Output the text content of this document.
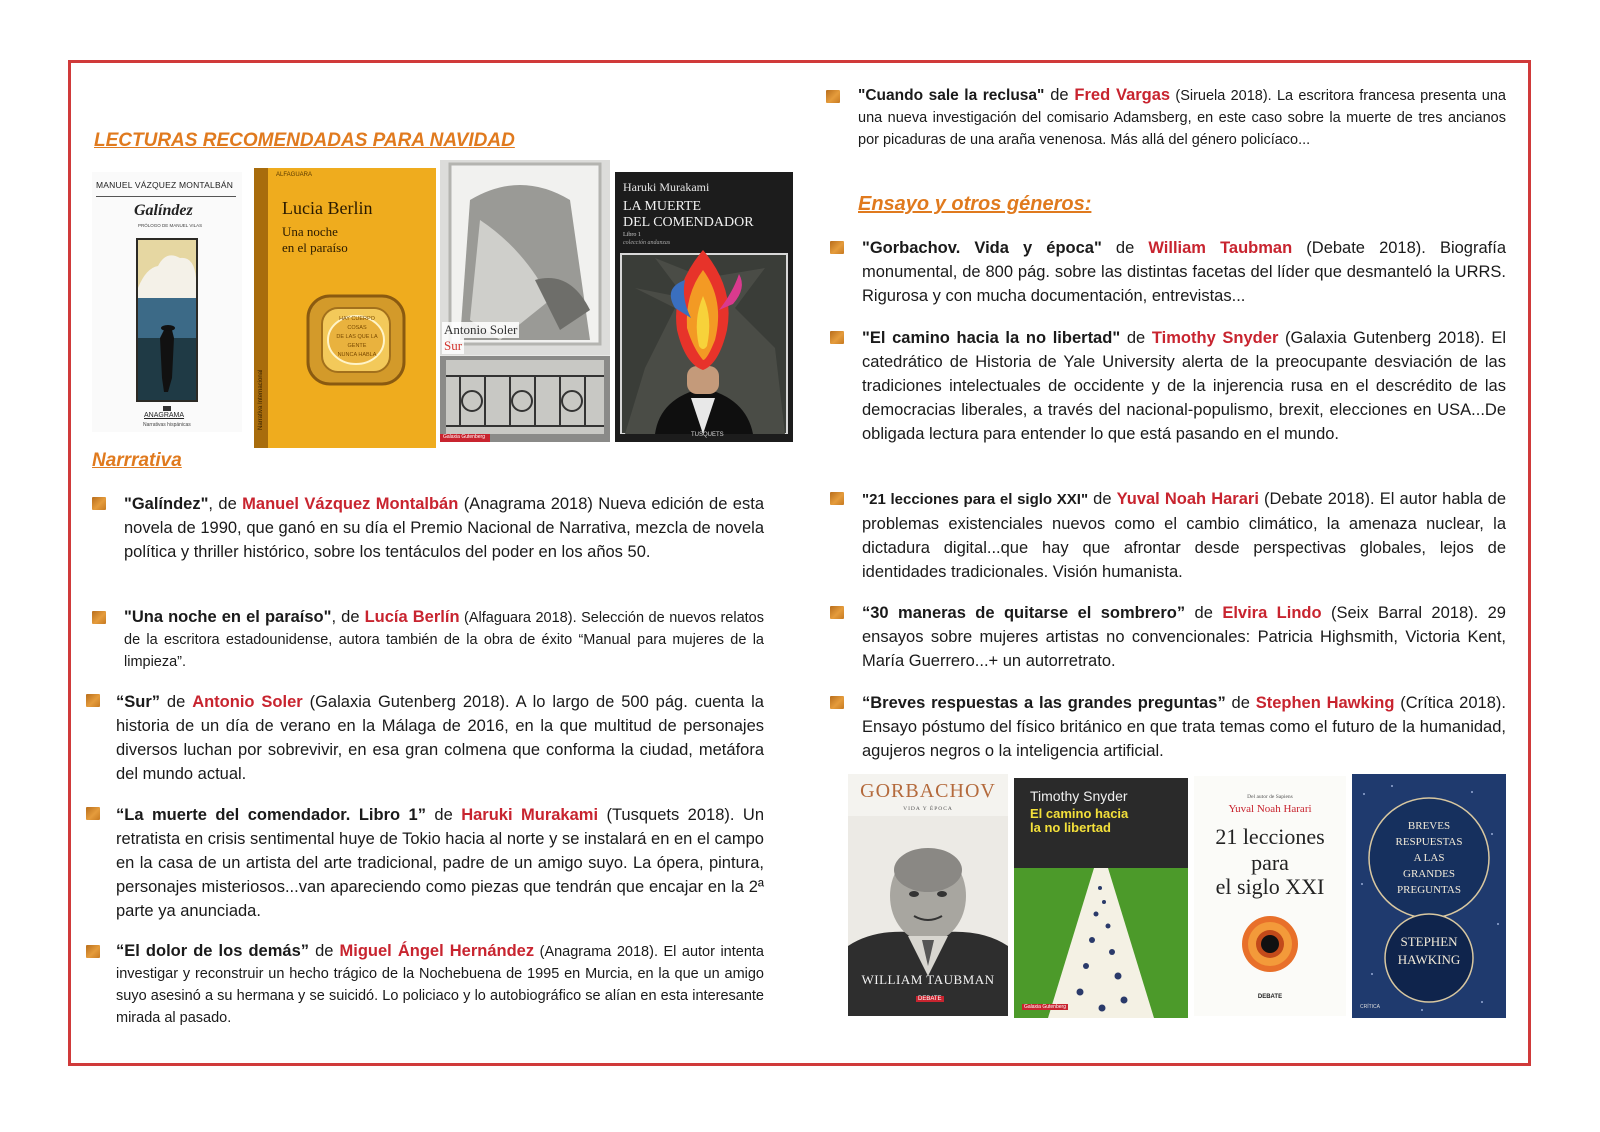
LECTURAS RECOMENDADAS PARA NAVIDAD
MANUEL VÁZQUEZ MONTALBÁN
Galíndez
PRÓLOGO DE MANUEL VILAS
ANAGRAMA
Narrativas hispánicas	Narrativa Internacional
ALFAGUARA
Lucia Berlin
Una noche
en el paraíso
HAY CUERPO
COSAS
DE LAS QUE LA
GENTE
NUNCA HABLA
Antonio Soler
Sur
Galaxia Gutenberg
Haruki Murakami
LA MUERTE
DEL COMENDADOR
Libro 1
colección andanzas
TUSQUETS
Narrrativa
"Galíndez", de Manuel Vázquez Montalbán (Anagrama 2018) Nueva edición de esta novela de 1990, que ganó en su día el Premio Nacional de Narrativa, mezcla de novela política y thriller histórico, sobre los tentáculos del poder en los años 50.
"Una noche en el paraíso", de Lucía Berlín (Alfaguara 2018). Selección de nuevos relatos de la escritora estadounidense, autora también de la obra de éxito “Manual para mujeres de la limpieza”.
“Sur” de Antonio Soler (Galaxia Gutenberg 2018). A lo largo de 500 pág. cuenta la historia de un día de verano en la Málaga de 2016, en la que multitud de personajes diversos luchan por sobrevivir, en esa gran colmena que conforma la ciudad, metáfora del mundo actual.
“La muerte del comendador. Libro 1” de Haruki Murakami (Tusquets 2018). Un retratista en crisis sentimental huye de Tokio hacia al norte y se instalará en en el campo en la casa de un artista del arte tradicional, padre de un amigo suyo. La ópera, pintura, personajes misteriosos...van apareciendo como piezas que tendrán que encajar en la 2ª parte ya anunciada.
“El dolor de los demás” de Miguel Ángel Hernández (Anagrama 2018). El autor intenta investigar y reconstruir un hecho trágico de la Nochebuena de 1995 en Murcia, en la que un amigo suyo asesinó a su hermana y se suicidó. Lo policiaco y lo autobiográfico se alían en esta interesante mirada al pasado.
"Cuando sale la reclusa" de Fred Vargas (Siruela 2018). La escritora francesa presenta una una nueva investigación del comisario Adamsberg, en este caso sobre la muerte de tres ancianos por picaduras de una araña venenosa. Más allá del género policíaco...
Ensayo y otros géneros:
"Gorbachov. Vida y época" de William Taubman (Debate 2018). Biografía monumental, de 800 pág. sobre las distintas facetas del líder que desmanteló la URRS. Rigurosa y con mucha documentación, entrevistas...
"El camino hacia la no libertad" de Timothy Snyder (Galaxia Gutenberg 2018). El catedrático de Historia de Yale University alerta de la preocupante desviación de las tradiciones intelectuales de occidente y de la injerencia rusa en el descrédito de las democracias liberales, a través del nacional-populismo, brexit, elecciones en USA...De obligada lectura para entender lo que está pasando en el mundo.
"21 lecciones para el siglo XXI" de Yuval Noah Harari (Debate 2018). El autor habla de problemas existenciales nuevos como el cambio climático, la amenaza nuclear, la dictadura digital...que hay que afrontar desde perspectivas globales, lejos de identidades tradicionales. Visión humanista.
“30 maneras de quitarse el sombrero” de Elvira Lindo (Seix Barral 2018). 29 ensayos sobre mujeres artistas no convencionales: Patricia Highsmith, Victoria Kent, María Guerrero...+ un autorretrato.
“Breves respuestas a las grandes preguntas” de Stephen Hawking (Crítica 2018). Ensayo póstumo del físico británico en que trata temas como el futuro de la humanidad, agujeros negros o la inteligencia artificial.
GORBACHOV
VIDA Y ÉPOCA
WILLIAM TAUBMAN
DEBATE
Timothy Snyder
El camino hacia
la no libertad
Galaxia Gutenberg
Del autor de Sapiens
Yuval Noah Harari
21 lecciones
para
el siglo XXI
DEBATE
BREVES
RESPUESTAS
A LAS
GRANDES
PREGUNTAS
STEPHEN
HAWKING
CRÍTICA
